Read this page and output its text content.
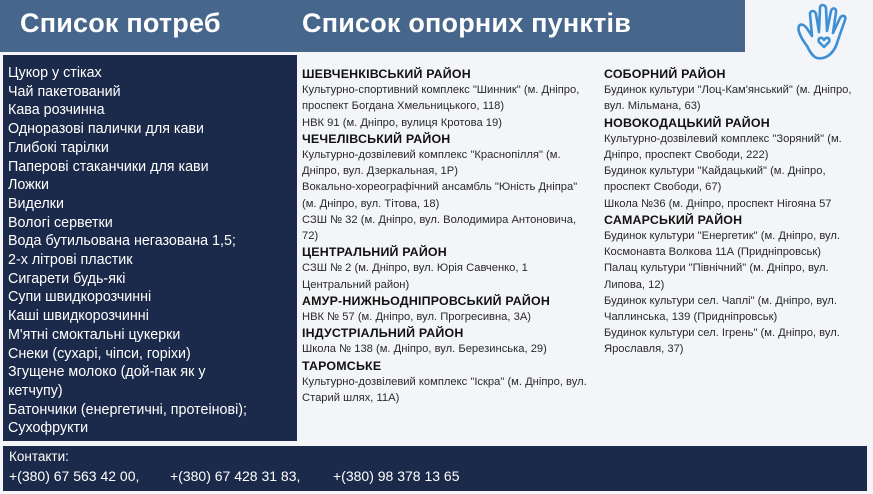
Список потреб	Список опорних пунктів
Цукор у стіках
Чай пакетований
Кава розчинна
Одноразові палички для кави
Глибокі тарілки
Паперові стаканчики для кави
Ложки
Виделки
Вологі серветки
Вода бутильована негазована 1,5;
2-х літрові пластик
Сигарети будь-які
Супи швидкорозчинні
Каші швидкорозчинні
М'ятні смоктальні цукерки
Снеки (сухарі, чіпси, горіхи)
Згущене молоко (дой-пак як у
кетчупу)
Батончики (енергетичні, протеінові);
Сухофрукти
ШЕВЧЕНКІВСЬКИЙ РАЙОН
Культурно-спортивний комплекс "Шинник" (м. Дніпро, проспект Богдана Хмельницького, 118)
НВК 91 (м. Дніпро, вулиця Кротова 19)
ЧЕЧЕЛІВСЬКИЙ РАЙОН
Культурно-дозвілевий комплекс "Краснопілля" (м. Дніпро, вул. Дзеркальная, 1Р)
Вокально-хореографічний ансамбль "Юність Дніпра" (м. Дніпро, вул. Тітова, 18)
СЗШ № 32 (м. Дніпро, вул. Володимира Антоновича, 72)
ЦЕНТРАЛЬНИЙ РАЙОН
СЗШ № 2 (м. Дніпро, вул. Юрія Савченко, 1 Центральний район)
АМУР-НИЖНЬОДНІПРОВСЬКИЙ РАЙОН
НВК № 57 (м. Дніпро, вул. Прогресивна, 3А)
ІНДУСТРІАЛЬНИЙ РАЙОН
Школа № 138 (м. Дніпро, вул. Березинська, 29)
ТАРОМСЬКЕ
Культурно-дозвілевий комплекс "Іскра" (м. Дніпро, вул. Старий шлях, 11А)
СОБОРНИЙ РАЙОН
Будинок культури "Лоц-Кам'янський" (м. Дніпро, вул. Мільмана, 63)
НОВОКОДАЦЬКИЙ РАЙОН
Культурно-дозвілевий комплекс "Зоряний" (м. Дніпро, проспект Свободи, 222)
Будинок культури "Кайдацький" (м. Дніпро, проспект Свободи, 67)
Школа №36 (м. Дніпро, проспект Нігояна 57
САМАРСЬКИЙ РАЙОН
Будинок культури "Енергетик" (м. Дніпро, вул. Космонавта Волкова 11А (Придніпровськ)
Палац культури "Північний" (м. Дніпро, вул. Липова, 12)
Будинок культури сел. Чаплі" (м. Дніпро, вул. Чаплинська, 139 (Придніпровськ)
Будинок культури сел. Ігрень" (м. Дніпро, вул. Ярославля, 37)
Контакти:
+(380) 67 563 42 00, +(380) 67 428 31 83, +(380) 98 378 13 65
